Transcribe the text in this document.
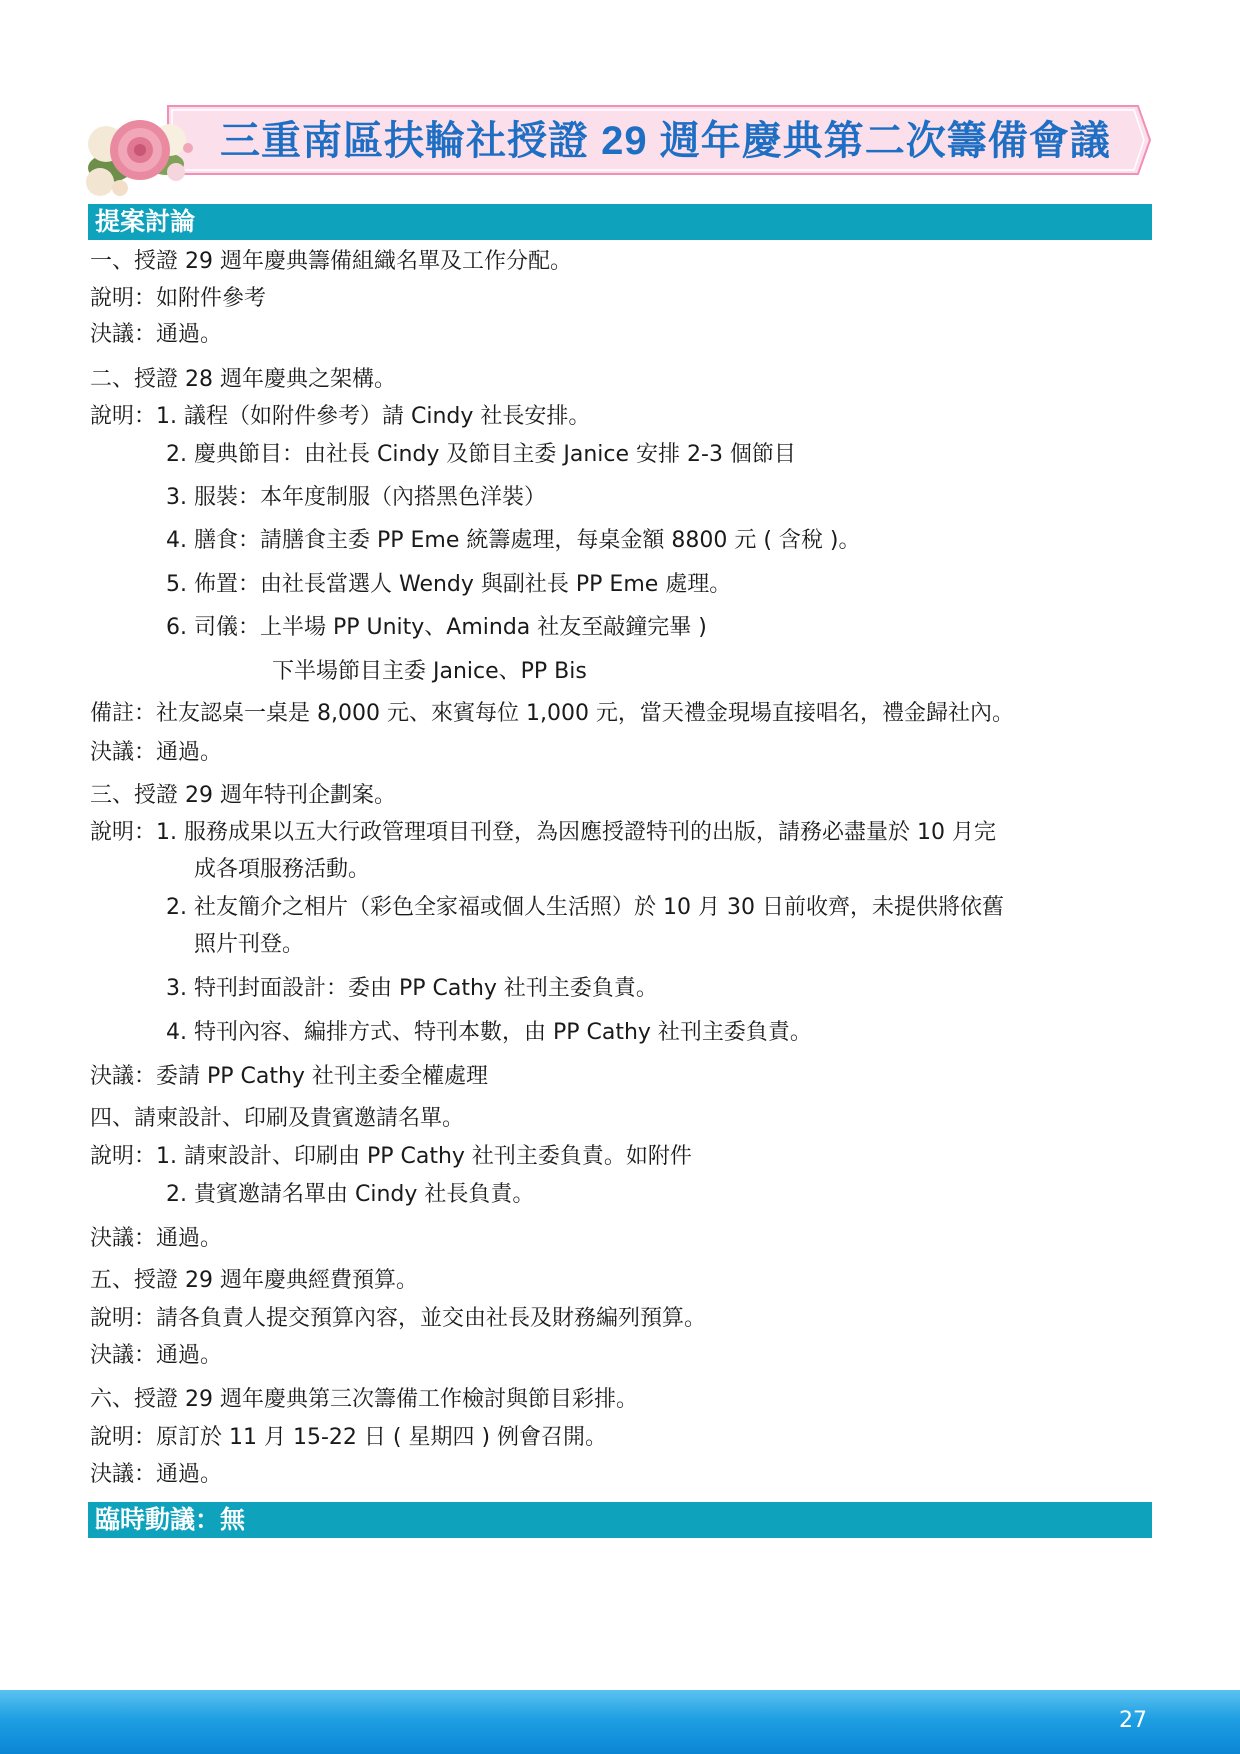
三重南區扶輪社授證 29 週年慶典第二次籌備會議
提案討論
一、授證 29 週年慶典籌備組織名單及工作分配。
說明：如附件參考
決議：通過。
二、授證 28 週年慶典之架構。
說明：1. 議程（如附件參考）請 Cindy 社長安排。
2. 慶典節目：由社長 Cindy 及節目主委 Janice 安排 2-3 個節目
3. 服裝：本年度制服（內搭黑色洋裝）
4. 膳食：請膳食主委 PP Eme 統籌處理，每桌金額 8800 元 ( 含稅 )。
5. 佈置：由社長當選人 Wendy 與副社長 PP Eme 處理。
6. 司儀：上半場 PP Unity、Aminda 社友至敲鐘完畢 )
下半場節目主委 Janice、PP Bis
備註：社友認桌一桌是 8,000 元、來賓每位 1,000 元，當天禮金現場直接唱名，禮金歸社內。
決議：通過。
三、授證 29 週年特刊企劃案。
說明：1. 服務成果以五大行政管理項目刊登，為因應授證特刊的出版，請務必盡量於 10 月完
成各項服務活動。
2. 社友簡介之相片（彩色全家福或個人生活照）於 10 月 30 日前收齊，未提供將依舊
照片刊登。
3. 特刊封面設計：委由 PP Cathy 社刊主委負責。
4. 特刊內容、編排方式、特刊本數，由 PP Cathy 社刊主委負責。
決議：委請 PP Cathy 社刊主委全權處理
四、請柬設計、印刷及貴賓邀請名單。
說明：1. 請柬設計、印刷由 PP Cathy 社刊主委負責。如附件
2. 貴賓邀請名單由 Cindy 社長負責。
決議：通過。
五、授證 29 週年慶典經費預算。
說明：請各負責人提交預算內容，並交由社長及財務編列預算。
決議：通過。
六、授證 29 週年慶典第三次籌備工作檢討與節目彩排。
說明：原訂於 11 月 15-22 日 ( 星期四 ) 例會召開。
決議：通過。
臨時動議：無
27
